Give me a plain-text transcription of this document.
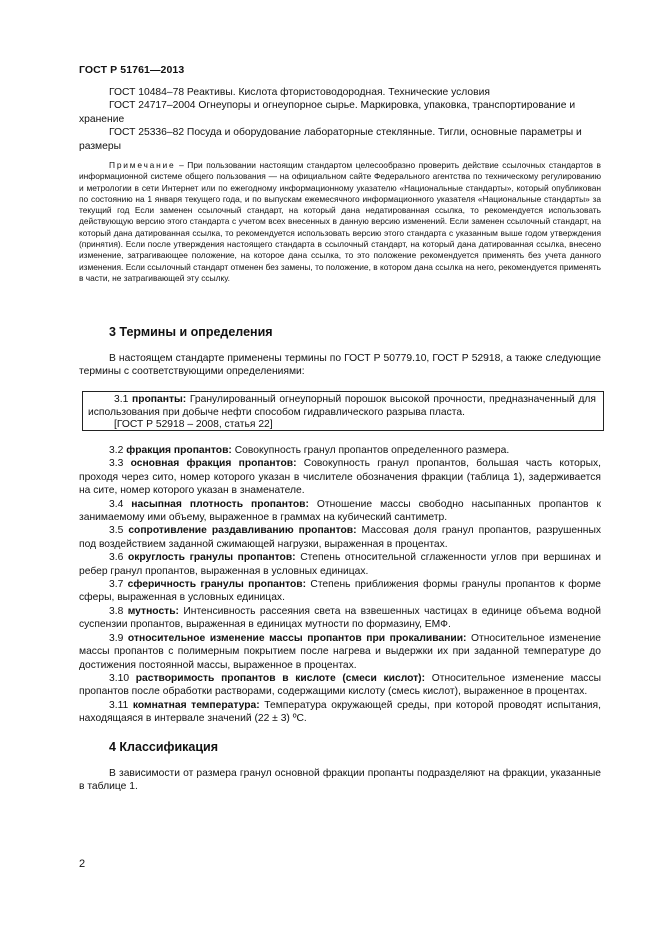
ГОСТ Р 51761—2013

ГОСТ 10484–78 Реактивы. Кислота фтористоводородная. Технические условия

ГОСТ 24717–2004 Огнеупоры и огнеупорное сырье. Маркировка, упаковка, транспортирование и хранение

ГОСТ 25336–82 Посуда и оборудование лабораторные стеклянные. Тигли, основные параметры и размеры

Примечание – При пользовании настоящим стандартом целесообразно проверить действие ссылочных стандартов в информационной системе общего пользования — на официальном сайте Федерального агентства по техническому регулированию и метрологии в сети Интернет или по ежегодному информационному указателю «Национальные стандарты», который опубликован по состоянию на 1 января текущего года, и по выпускам ежемесячного информационного указателя «Национальные стандарты» за текущий год Если заменен ссылочный стандарт, на который дана недатированная ссылка, то рекомендуется использовать действующую версию этого стандарта с учетом всех внесенных в данную версию изменений. Если заменен ссылочный стандарт, на который дана датированная ссылка, то рекомендуется использовать версию этого стандарта с указанным выше годом утверждения (принятия). Если после утверждения настоящего стандарта в ссылочный стандарт, на который дана датированная ссылка, внесено изменение, затрагивающее положение, на которое дана ссылка, то это положение рекомендуется применять без учета данного изменения. Если ссылочный стандарт отменен без замены, то положение, в котором дана ссылка на него, рекомендуется применять в части, не затрагивающей эту ссылку.

3 Термины и определения

В настоящем стандарте применены термины по ГОСТ Р 50779.10, ГОСТ Р 52918, а также следующие термины с соответствующими определениями:

3.1 пропанты: Гранулированный огнеупорный порошок высокой прочности, предназначенный для использования при добыче нефти способом гидравлического разрыва пласта.

[ГОСТ Р 52918 – 2008, статья 22]

3.2 фракция пропантов: Совокупность гранул пропантов определенного размера.

3.3 основная фракция пропантов: Совокупность гранул пропантов, большая часть которых, проходя через сито, номер которого указан в числителе обозначения фракции (таблица 1), задерживается на сите, номер которого указан в знаменателе.

3.4 насыпная плотность пропантов: Отношение массы свободно насыпанных пропантов к занимаемому ими объему, выраженное в граммах на кубический сантиметр.

3.5 сопротивление раздавливанию пропантов: Массовая доля гранул пропантов, разрушенных под воздействием заданной сжимающей нагрузки, выраженная в процентах.

3.6 округлость гранулы пропантов: Степень относительной сглаженности углов при вершинах и ребер гранул пропантов, выраженная в условных единицах.

3.7 сферичность гранулы пропантов: Степень приближения формы гранулы пропантов к форме сферы, выраженная в условных единицах.

3.8 мутность: Интенсивность рассеяния света на взвешенных частицах в единице объема водной суспензии пропантов, выраженная в единицах мутности по формазину, ЕМФ.

3.9 относительное изменение массы пропантов при прокаливании: Относительное изменение массы пропантов с полимерным покрытием после нагрева и выдержки их при заданной температуре до достижения постоянной массы, выраженное в процентах.

3.10 растворимость пропантов в кислоте (смеси кислот): Относительное изменение массы пропантов после обработки растворами, содержащими кислоту (смесь кислот), выраженное в процентах.

3.11 комнатная температура: Температура окружающей среды, при которой проводят испытания, находящаяся в интервале значений (22 ± 3) ºС.

4 Классификация

В зависимости от размера гранул основной фракции пропанты подразделяют на фракции, указанные в таблице 1.

2
